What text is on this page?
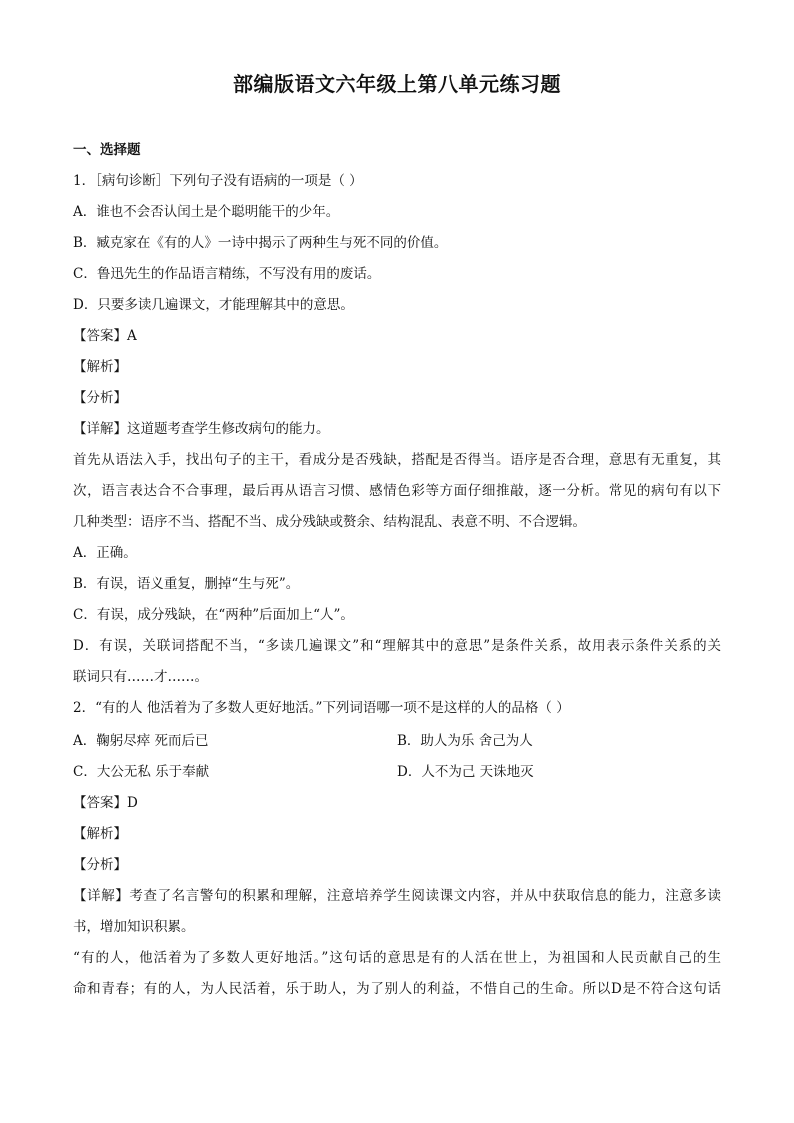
部编版语文六年级上第八单元练习题
一、选择题
1．［病句诊断］下列句子没有语病的一项是（ ）
A．谁也不会否认闰土是个聪明能干的少年。
B．臧克家在《有的人》一诗中揭示了两种生与死不同的价值。
C．鲁迅先生的作品语言精练，不写没有用的废话。
D．只要多读几遍课文，才能理解其中的意思。
【答案】A
【解析】
【分析】
【详解】这道题考查学生修改病句的能力。
首先从语法入手，找出句子的主干，看成分是否残缺，搭配是否得当。语序是否合理，意思有无重复，其
次，语言表达合不合事理，最后再从语言习惯、感情色彩等方面仔细推敲，逐一分析。常见的病句有以下
几种类型：语序不当、搭配不当、成分残缺或赘余、结构混乱、表意不明、不合逻辑。
A．正确。
B．有误，语义重复，删掉“生与死”。
C．有误，成分残缺，在“两种”后面加上“人”。
D．有误，关联词搭配不当，“多读几遍课文”和“理解其中的意思”是条件关系，故用表示条件关系的关
联词只有……才……。
2．“有的人 他活着为了多数人更好地活。”下列词语哪一项不是这样的人的品格（ ）
A．鞠躬尽瘁 死而后已	B．助人为乐 舍己为人
C．大公无私 乐于奉献	D．人不为己 天诛地灭
【答案】D
【解析】
【分析】
【详解】考查了名言警句的积累和理解，注意培养学生阅读课文内容，并从中获取信息的能力，注意多读
书，增加知识积累。
“有的人，他活着为了多数人更好地活。”这句话的意思是有的人活在世上，为祖国和人民贡献自己的生
命和青春；有的人，为人民活着，乐于助人，为了别人的利益，不惜自己的生命。所以D是不符合这句话
